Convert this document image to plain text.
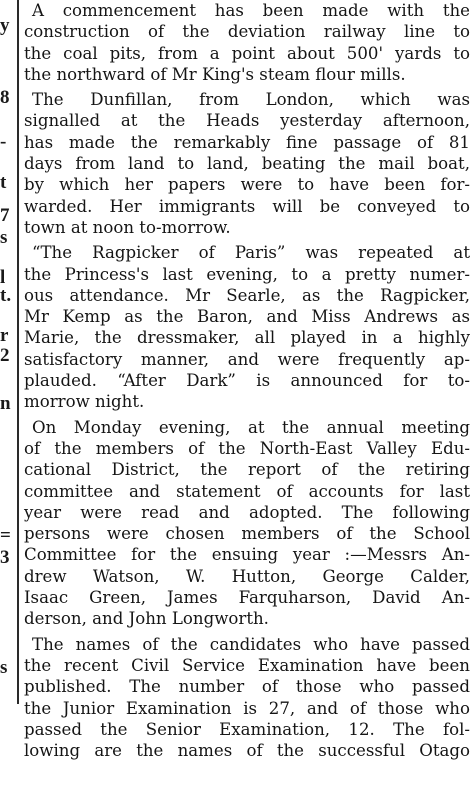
y
8
-
t
7
s
l
t.
r
2
n
=
3
s
A commencement has been made with the
construction of the deviation railway line to
the coal pits, from a point about 500' yards to
the northward of Mr King's steam flour mills.
The Dunfillan, from London, which was
signalled at the Heads yesterday afternoon,
has made the remarkably fine passage of 81
days from land to land, beating the mail boat,
by which her papers were to have been for-
warded. Her immigrants will be conveyed to
town at noon to-morrow.
“The Ragpicker of Paris” was repeated at
the Princess's last evening, to a pretty numer-
ous attendance. Mr Searle, as the Ragpicker,
Mr Kemp as the Baron, and Miss Andrews as
Marie, the dressmaker, all played in a highly
satisfactory manner, and were frequently ap-
plauded. “After Dark” is announced for to-
morrow night.
On Monday evening, at the annual meeting
of the members of the North-East Valley Edu-
cational District, the report of the retiring
committee and statement of accounts for last
year were read and adopted. The following
persons were chosen members of the School
Committee for the ensuing year :—Messrs An-
drew Watson, W. Hutton, George Calder,
Isaac Green, James Farquharson, David An-
derson, and John Longworth.
The names of the candidates who have passed
the recent Civil Service Examination have been
published. The number of those who passed
the Junior Examination is 27, and of those who
passed the Senior Examination, 12. The fol-
lowing are the names of the successful Otago
